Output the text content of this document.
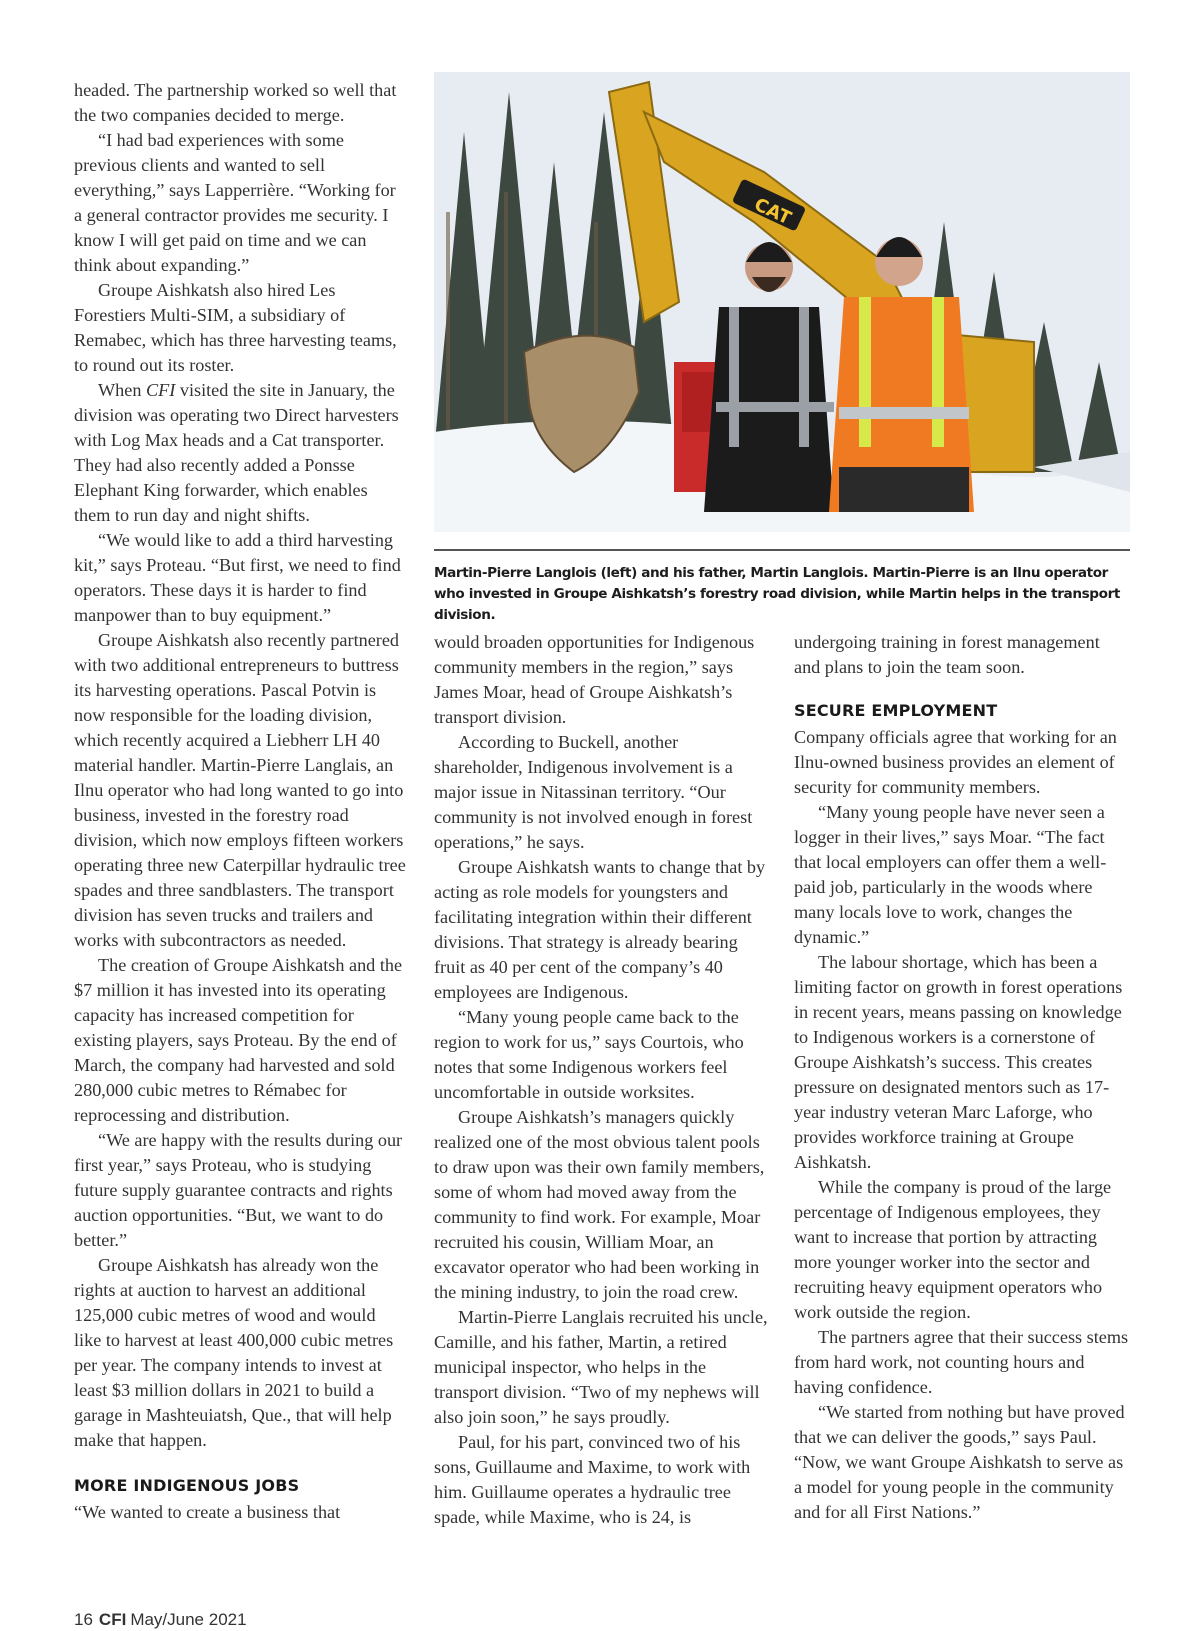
headed. The partnership worked so well that the two companies decided to merge.

“I had bad experiences with some previous clients and wanted to sell everything,” says Lapperrière. “Working for a general contractor provides me security. I know I will get paid on time and we can think about expanding.”

Groupe Aishkatsh also hired Les Forestiers Multi-SIM, a subsidiary of Remabec, which has three harvesting teams, to round out its roster.

When CFI visited the site in January, the division was operating two Direct harvesters with Log Max heads and a Cat transporter. They had also recently added a Ponsse Elephant King forwarder, which enables them to run day and night shifts.

“We would like to add a third harvesting kit,” says Proteau. “But first, we need to find operators. These days it is harder to find manpower than to buy equipment.”

Groupe Aishkatsh also recently partnered with two additional entrepreneurs to buttress its harvesting operations. Pascal Potvin is now responsible for the loading division, which recently acquired a Liebherr LH 40 material handler. Martin-Pierre Langlais, an Ilnu operator who had long wanted to go into business, invested in the forestry road division, which now employs fifteen workers operating three new Caterpillar hydraulic tree spades and three sandblasters. The transport division has seven trucks and trailers and works with subcontractors as needed.

The creation of Groupe Aishkatsh and the $7 million it has invested into its operating capacity has increased competition for existing players, says Proteau. By the end of March, the company had harvested and sold 280,000 cubic metres to Rémabec for reprocessing and distribution.

“We are happy with the results during our first year,” says Proteau, who is studying future supply guarantee contracts and rights auction opportunities. “But, we want to do better.”

Groupe Aishkatsh has already won the rights at auction to harvest an additional 125,000 cubic metres of wood and would like to harvest at least 400,000 cubic metres per year. The company intends to invest at least $3 million dollars in 2021 to build a garage in Mashteuiatsh, Que., that will help make that happen.

MORE INDIGENOUS JOBS

“We wanted to create a business that

CAT
Martin-Pierre Langlois (left) and his father, Martin Langlois. Martin-Pierre is an Ilnu operator who invested in Groupe Aishkatsh’s forestry road division, while Martin helps in the transport division.

would broaden opportunities for Indigenous community members in the region,” says James Moar, head of Groupe Aishkatsh’s transport division.

According to Buckell, another shareholder, Indigenous involvement is a major issue in Nitassinan territory. “Our community is not involved enough in forest operations,” he says.

Groupe Aishkatsh wants to change that by acting as role models for youngsters and facilitating integration within their different divisions. That strategy is already bearing fruit as 40 per cent of the company’s 40 employees are Indigenous.

“Many young people came back to the region to work for us,” says Courtois, who notes that some Indigenous workers feel uncomfortable in outside worksites.

Groupe Aishkatsh’s managers quickly realized one of the most obvious talent pools to draw upon was their own family members, some of whom had moved away from the community to find work. For example, Moar recruited his cousin, William Moar, an excavator operator who had been working in the mining industry, to join the road crew.

Martin-Pierre Langlais recruited his uncle, Camille, and his father, Martin, a retired municipal inspector, who helps in the transport division. “Two of my nephews will also join soon,” he says proudly.

Paul, for his part, convinced two of his sons, Guillaume and Maxime, to work with him. Guillaume operates a hydraulic tree spade, while Maxime, who is 24, is

undergoing training in forest management and plans to join the team soon.

SECURE EMPLOYMENT

Company officials agree that working for an Ilnu-owned business provides an element of security for community members.

“Many young people have never seen a logger in their lives,” says Moar. “The fact that local employers can offer them a well-paid job, particularly in the woods where many locals love to work, changes the dynamic.”

The labour shortage, which has been a limiting factor on growth in forest operations in recent years, means passing on knowledge to Indigenous workers is a cornerstone of Groupe Aishkatsh’s success. This creates pressure on designated mentors such as 17-year industry veteran Marc Laforge, who provides workforce training at Groupe Aishkatsh.

While the company is proud of the large percentage of Indigenous employees, they want to increase that portion by attracting more younger worker into the sector and recruiting heavy equipment operators who work outside the region.

The partners agree that their success stems from hard work, not counting hours and having confidence.

“We started from nothing but have proved that we can deliver the goods,” says Paul. “Now, we want Groupe Aishkatsh to serve as a model for young people in the community and for all First Nations.”

16 CFI May/June 2021
